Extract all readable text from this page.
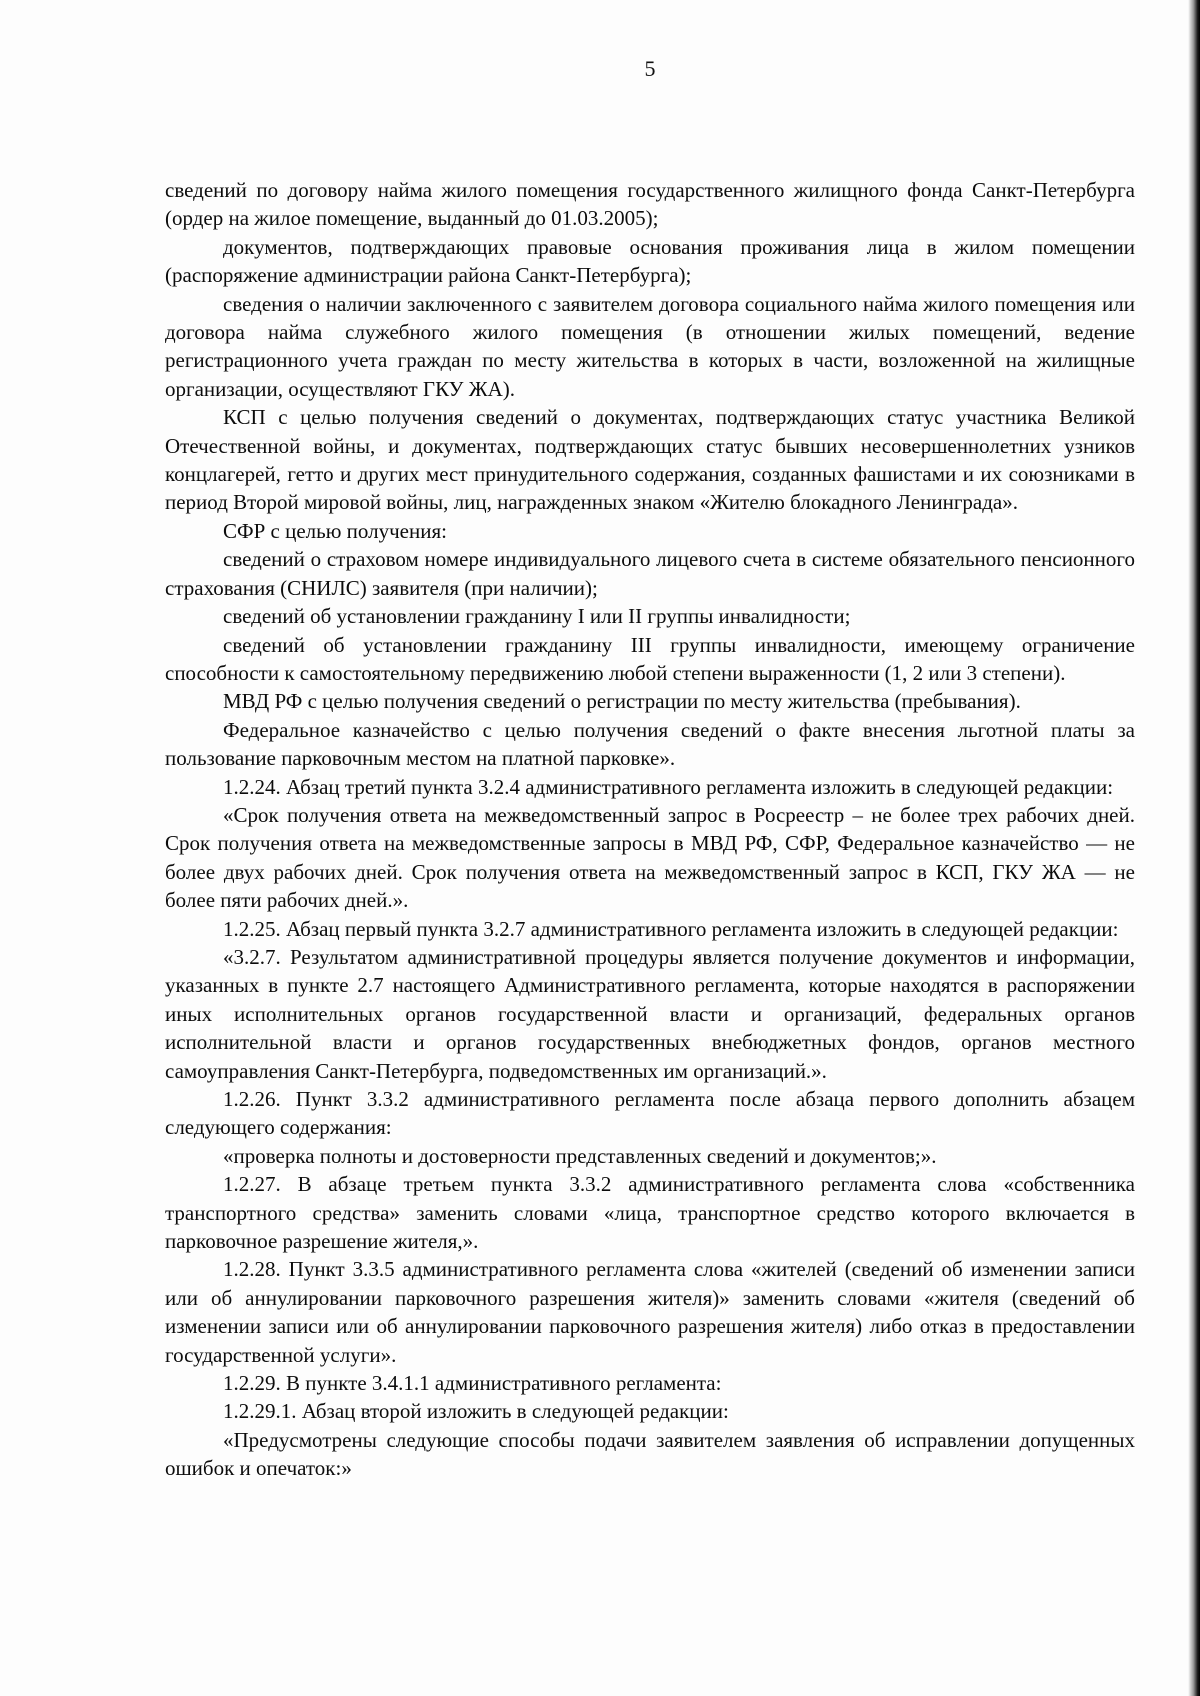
5

сведений по договору найма жилого помещения государственного жилищного фонда Санкт-Петербурга (ордер на жилое помещение, выданный до 01.03.2005);

документов, подтверждающих правовые основания проживания лица в жилом помещении (распоряжение администрации района Санкт-Петербурга);

сведения о наличии заключенного с заявителем договора социального найма жилого помещения или договора найма служебного жилого помещения (в отношении жилых помещений, ведение регистрационного учета граждан по месту жительства в которых в части, возложенной на жилищные организации, осуществляют ГКУ ЖА).

КСП с целью получения сведений о документах, подтверждающих статус участника Великой Отечественной войны, и документах, подтверждающих статус бывших несовершеннолетних узников концлагерей, гетто и других мест принудительного содержания, созданных фашистами и их союзниками в период Второй мировой войны, лиц, награжденных знаком «Жителю блокадного Ленинграда».

СФР с целью получения:

сведений о страховом номере индивидуального лицевого счета в системе обязательного пенсионного страхования (СНИЛС) заявителя (при наличии);

сведений об установлении гражданину I или II группы инвалидности;

сведений об установлении гражданину III группы инвалидности, имеющему ограничение способности к самостоятельному передвижению любой степени выраженности (1, 2 или 3 степени).

МВД РФ с целью получения сведений о регистрации по месту жительства (пребывания).

Федеральное казначейство с целью получения сведений о факте внесения льготной платы за пользование парковочным местом на платной парковке».

1.2.24. Абзац третий пункта 3.2.4 административного регламента изложить в следующей редакции:

«Срок получения ответа на межведомственный запрос в Росреестр – не более трех рабочих дней. Срок получения ответа на межведомственные запросы в МВД РФ, СФР, Федеральное казначейство — не более двух рабочих дней. Срок получения ответа на межведомственный запрос в КСП, ГКУ ЖА — не более пяти рабочих дней.».

1.2.25. Абзац первый пункта 3.2.7 административного регламента изложить в следующей редакции:

«3.2.7. Результатом административной процедуры является получение документов и информации, указанных в пункте 2.7 настоящего Административного регламента, которые находятся в распоряжении иных исполнительных органов государственной власти и организаций, федеральных органов исполнительной власти и органов государственных внебюджетных фондов, органов местного самоуправления Санкт-Петербурга, подведомственных им организаций.».

1.2.26. Пункт 3.3.2 административного регламента после абзаца первого дополнить абзацем следующего содержания:

«проверка полноты и достоверности представленных сведений и документов;».

1.2.27. В абзаце третьем пункта 3.3.2 административного регламента слова «собственника транспортного средства» заменить словами «лица, транспортное средство которого включается в парковочное разрешение жителя,».

1.2.28. Пункт 3.3.5 административного регламента слова «жителей (сведений об изменении записи или об аннулировании парковочного разрешения жителя)» заменить словами «жителя (сведений об изменении записи или об аннулировании парковочного разрешения жителя) либо отказ в предоставлении государственной услуги».

1.2.29. В пункте 3.4.1.1 административного регламента:

1.2.29.1. Абзац второй изложить в следующей редакции:

«Предусмотрены следующие способы подачи заявителем заявления об исправлении допущенных ошибок и опечаток:»
